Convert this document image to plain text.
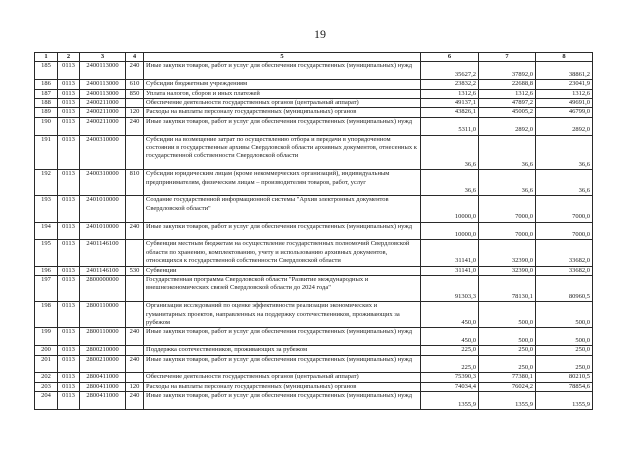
19
1	2	3	4	5	6	7	8
185	0113	2400113000	240	Иные закупки товаров, работ и услуг для обеспечения государственных (муниципальных) нужд	35627,2	37892,0	38861,2
186	0113	2400113000	610	Субсидии бюджетным учреждениям	23832,2	22688,8	23041,9
187	0113	2400113000	850	Уплата налогов, сборов и иных платежей	1312,6	1312,6	1312,6
188	0113	2400211000		Обеспечение деятельности государственных органов (центральный аппарат)	49137,1	47897,2	49691,0
189	0113	2400211000	120	Расходы на выплаты персоналу государственных (муниципальных) органов	43826,1	45005,2	46799,0
190	0113	2400211000	240	Иные закупки товаров, работ и услуг для обеспечения государственных (муниципальных) нужд	5311,0	2892,0	2892,0
191	0113	2400310000		Субсидии на возмещение затрат по осуществлению отбора и передачи в упорядоченном состоянии в государственные архивы Свердловской области архивных документов, отнесенных к государственной собственности Свердловской области	36,6	36,6	36,6
192	0113	2400310000	810	Субсидии юридическим лицам (кроме некоммерческих организаций), индивидуальным предпринимателям, физическим лицам – производителям товаров, работ, услуг	36,6	36,6	36,6
193	0113	2401010000		Создание государственной информационной системы "Архив электронных документов Свердловской области"	10000,0	7000,0	7000,0
194	0113	2401010000	240	Иные закупки товаров, работ и услуг для обеспечения государственных (муниципальных) нужд	10000,0	7000,0	7000,0
195	0113	2401146100		Субвенции местным бюджетам на осуществление государственных полномочий Свердловской области по хранению, комплектованию, учету и использованию архивных документов, относящихся к государственной собственности Свердловской области	31141,0	32390,0	33682,0
196	0113	2401146100	530	Субвенции	31141,0	32390,0	33682,0
197	0113	2800000000		Государственная программа Свердловской области "Развитие международных и внешнеэкономических связей Свердловской области до 2024 года"	91303,3	78130,1	80960,5
198	0113	2800110000		Организация исследований по оценке эффективности реализации экономических и гуманитарных проектов, направленных на поддержку соотечественников, проживающих за рубежом	450,0	500,0	500,0
199	0113	2800110000	240	Иные закупки товаров, работ и услуг для обеспечения государственных (муниципальных) нужд	450,0	500,0	500,0
200	0113	2800210000		Поддержка соотечественников, проживающих за рубежом	225,0	250,0	250,0
201	0113	2800210000	240	Иные закупки товаров, работ и услуг для обеспечения государственных (муниципальных) нужд	225,0	250,0	250,0
202	0113	2800411000		Обеспечение деятельности государственных органов (центральный аппарат)	75390,3	77380,1	80210,5
203	0113	2800411000	120	Расходы на выплаты персоналу государственных (муниципальных) органов	74034,4	76024,2	78854,6
204	0113	2800411000	240	Иные закупки товаров, работ и услуг для обеспечения государственных (муниципальных) нужд	1355,9	1355,9	1355,9
